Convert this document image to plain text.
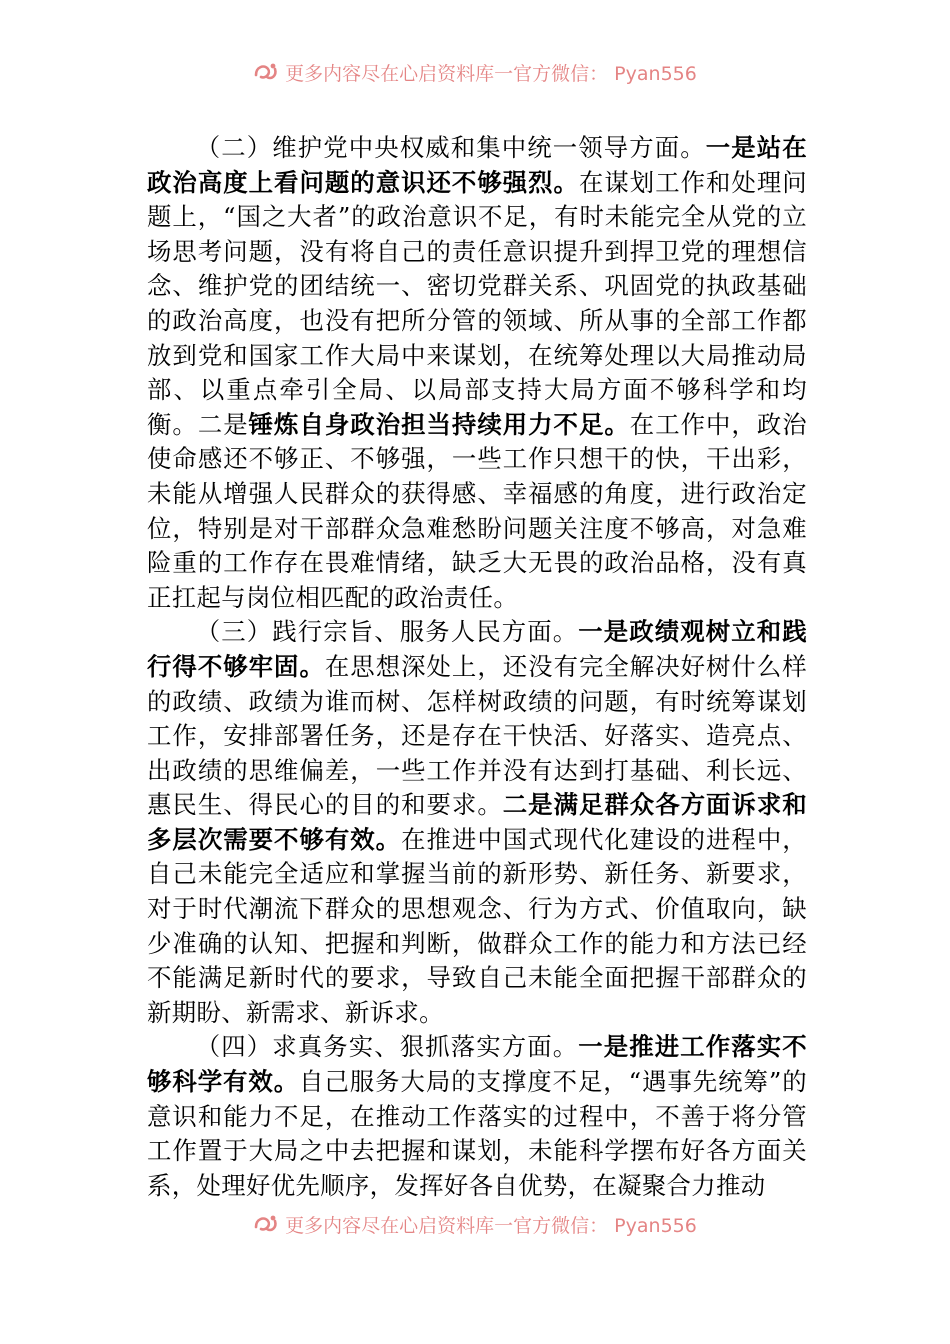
更多内容尽在心启资料库一官方微信： Pyan556

（二）维护党中央权威和集中统一领导方面。一是站在政治高度上看问题的意识还不够强烈。在谋划工作和处理问题上，“国之大者”的政治意识不足，有时未能完全从党的立场思考问题，没有将自己的责任意识提升到捍卫党的理想信念、维护党的团结统一、密切党群关系、巩固党的执政基础的政治高度，也没有把所分管的领域、所从事的全部工作都放到党和国家工作大局中来谋划，在统筹处理以大局推动局部、以重点牵引全局、以局部支持大局方面不够科学和均衡。二是锤炼自身政治担当持续用力不足。在工作中，政治使命感还不够正、不够强，一些工作只想干的快，干出彩，未能从增强人民群众的获得感、幸福感的角度，进行政治定位，特别是对干部群众急难愁盼问题关注度不够高，对急难险重的工作存在畏难情绪，缺乏大无畏的政治品格，没有真正扛起与岗位相匹配的政治责任。

（三）践行宗旨、服务人民方面。一是政绩观树立和践行得不够牢固。在思想深处上，还没有完全解决好树什么样的政绩、政绩为谁而树、怎样树政绩的问题，有时统筹谋划工作，安排部署任务，还是存在干快活、好落实、造亮点、出政绩的思维偏差，一些工作并没有达到打基础、利长远、惠民生、得民心的目的和要求。二是满足群众各方面诉求和多层次需要不够有效。在推进中国式现代化建设的进程中，自己未能完全适应和掌握当前的新形势、新任务、新要求，对于时代潮流下群众的思想观念、行为方式、价值取向，缺少准确的认知、把握和判断，做群众工作的能力和方法已经不能满足新时代的要求，导致自己未能全面把握干部群众的新期盼、新需求、新诉求。

（四）求真务实、狠抓落实方面。一是推进工作落实不够科学有效。自己服务大局的支撑度不足，“遇事先统筹”的意识和能力不足，在推动工作落实的过程中，不善于将分管工作置于大局之中去把握和谋划，未能科学摆布好各方面关系，处理好优先顺序，发挥好各自优势，在凝聚合力推动

更多内容尽在心启资料库一官方微信： Pyan556
